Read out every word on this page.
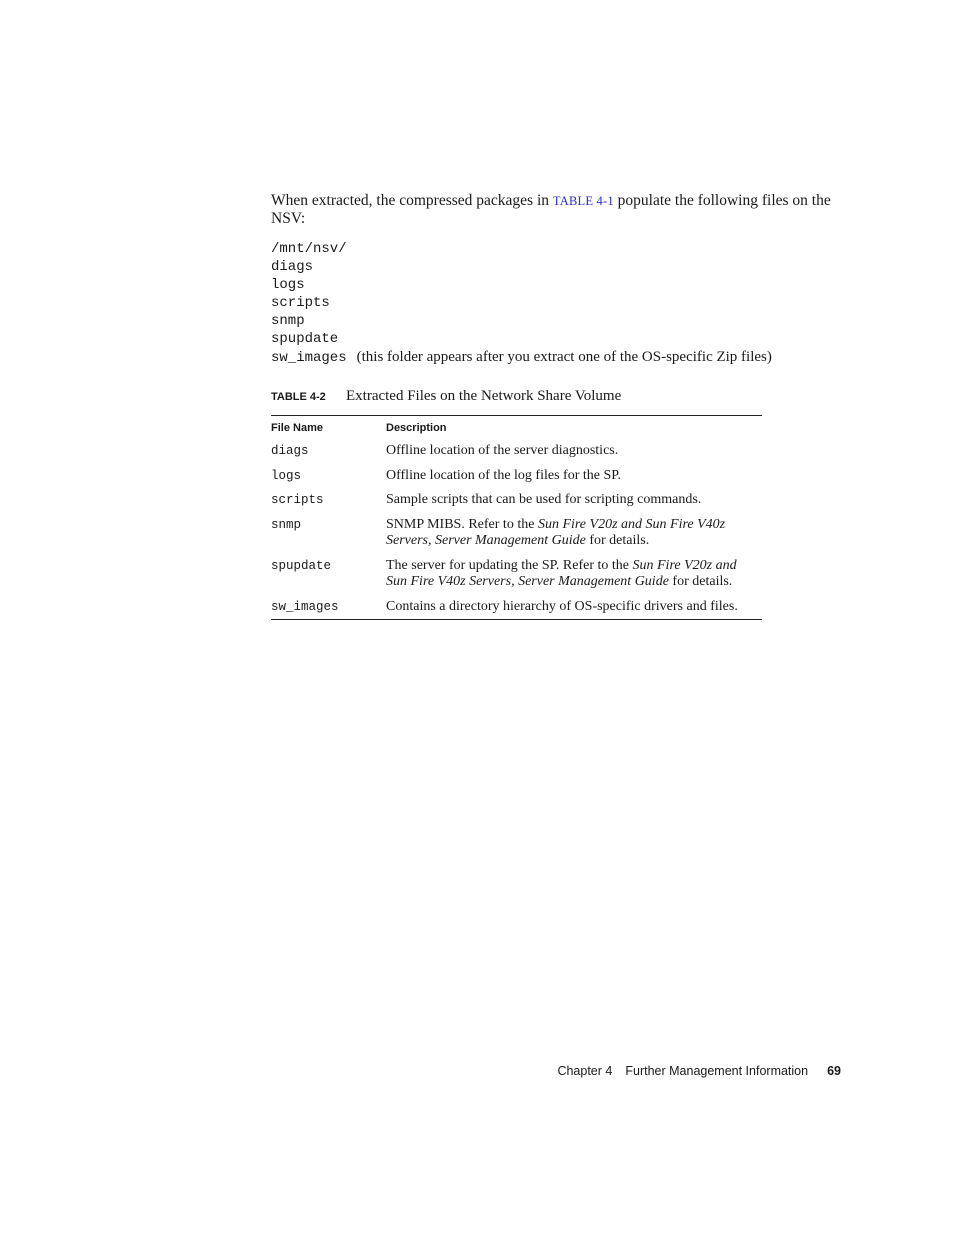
When extracted, the compressed packages in TABLE 4-1 populate the following files on the NSV:

/mnt/nsv/
diags
logs
scripts
snmp
spupdate
sw_images (this folder appears after you extract one of the OS-specific Zip files)
TABLE 4-2	Extracted Files on the Network Share Volume
File Name	Description
diags	Offline location of the server diagnostics.
logs	Offline location of the log files for the SP.
scripts	Sample scripts that can be used for scripting commands.
snmp	SNMP MIBS. Refer to the Sun Fire V20z and Sun Fire V40z Servers, Server Management Guide for details.
spupdate	The server for updating the SP. Refer to the Sun Fire V20z and Sun Fire V40z Servers, Server Management Guide for details.
sw_images	Contains a directory hierarchy of OS-specific drivers and files.
Chapter 4 Further Management Information 69
